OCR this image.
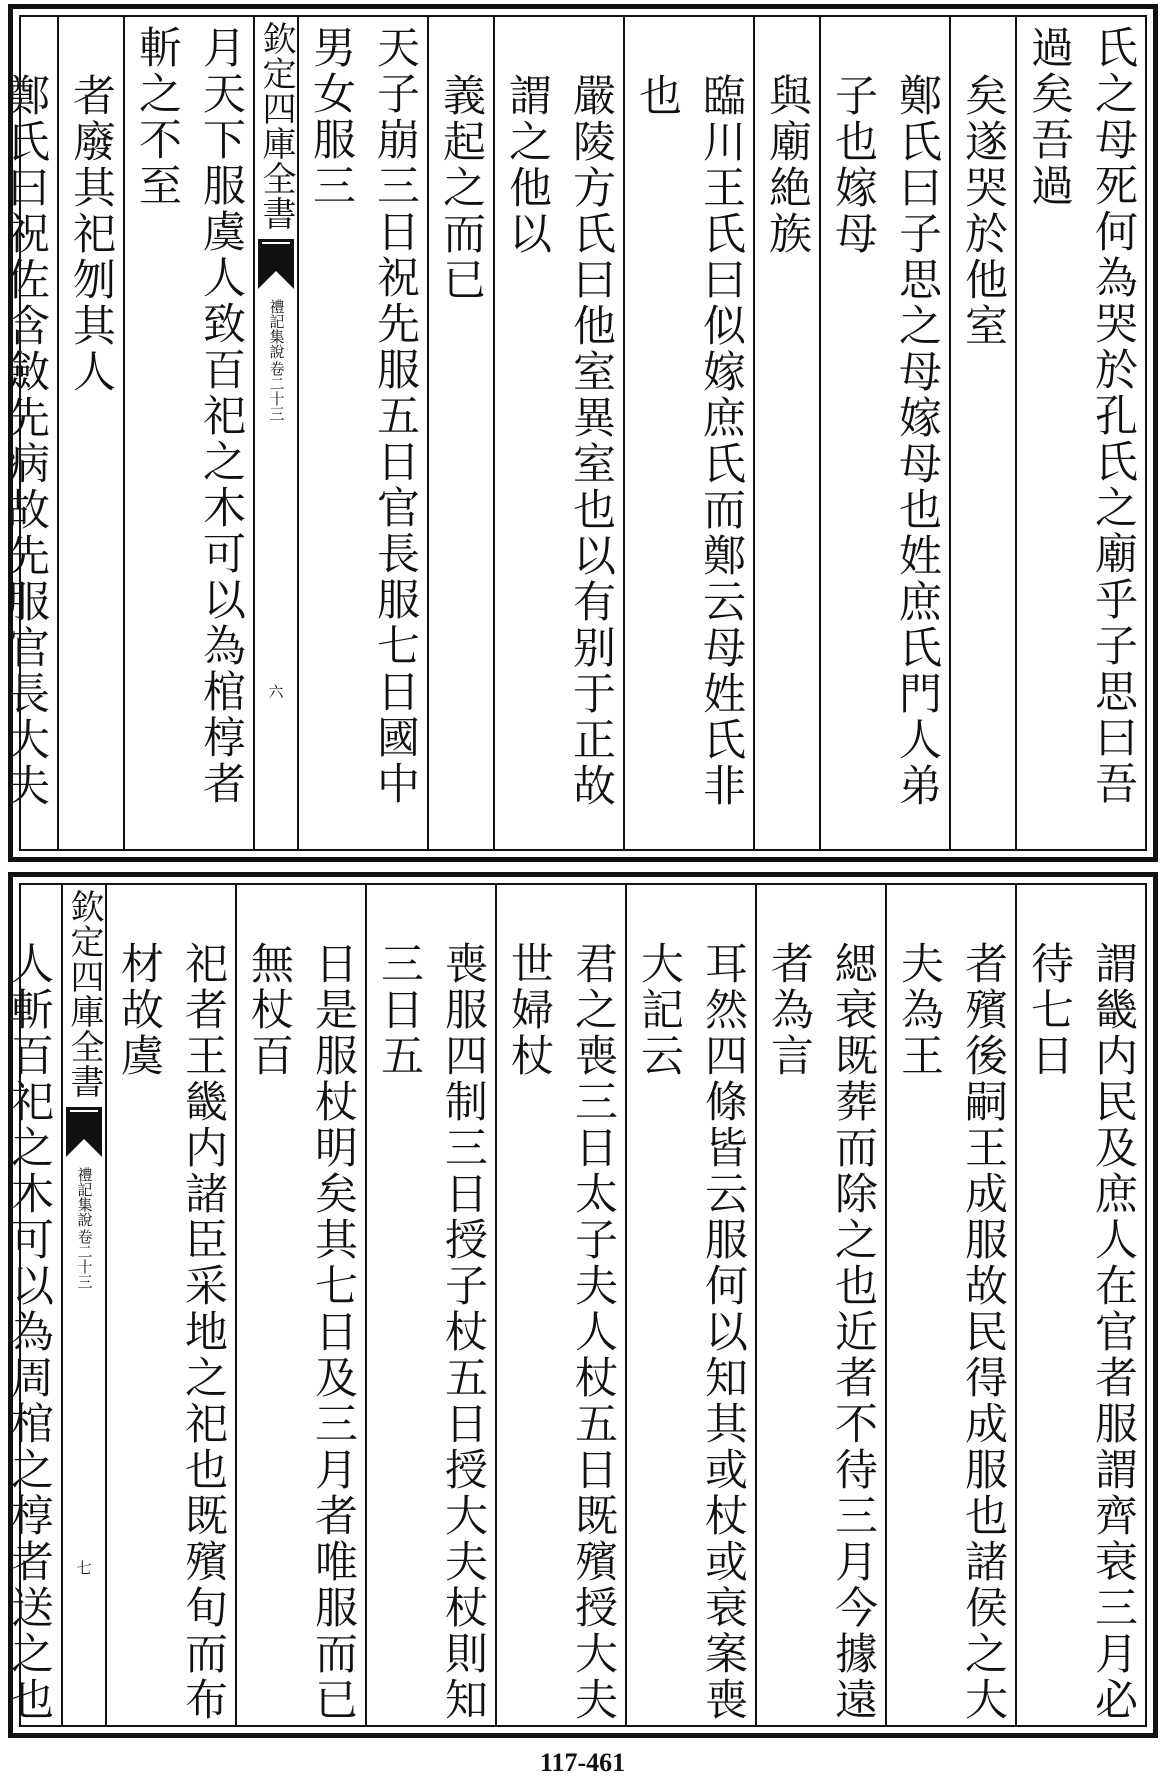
氏之母死何為哭於孔氏之廟乎子思曰吾過矣吾過
矣遂哭於他室
鄭氏曰子思之母嫁母也姓庶氏門人弟子也嫁母
與廟絶族
臨川王氏曰似嫁庶氏而鄭云母姓氏非也
嚴陵方氏曰他室異室也以有别于正故謂之他以
義起之而已
天子崩三日祝先服五日官長服七日國中男女服三
欽定四庫全書
禮記集說
卷二十三
六
月天下服虞人致百祀之木可以為棺椁者斬之不至
者廢其祀刎其人
鄭氏曰祝佐含斂先病故先服官長大夫
謂畿内民及庶人在官者服謂齊衰三月必待七日
者殯後嗣王成服故民得成服也諸侯之大夫為王
緦衰既葬而除之也近者不待三月今據遠者為言
耳然四條皆云服何以知其或杖或衰案喪大記云
君之喪三日太子夫人杖五日既殯授大夫世婦杖
喪服四制三日授子杖五日授大夫杖則知三日五
日是服杖明矣其七日及三月者唯服而已無杖百
祀者王畿内諸臣采地之祀也既殯旬而布材故虞
欽定四庫全書
禮記集說
卷二十三
七
人斬百祀之木可以為周棺之椁者送之也
117-461
